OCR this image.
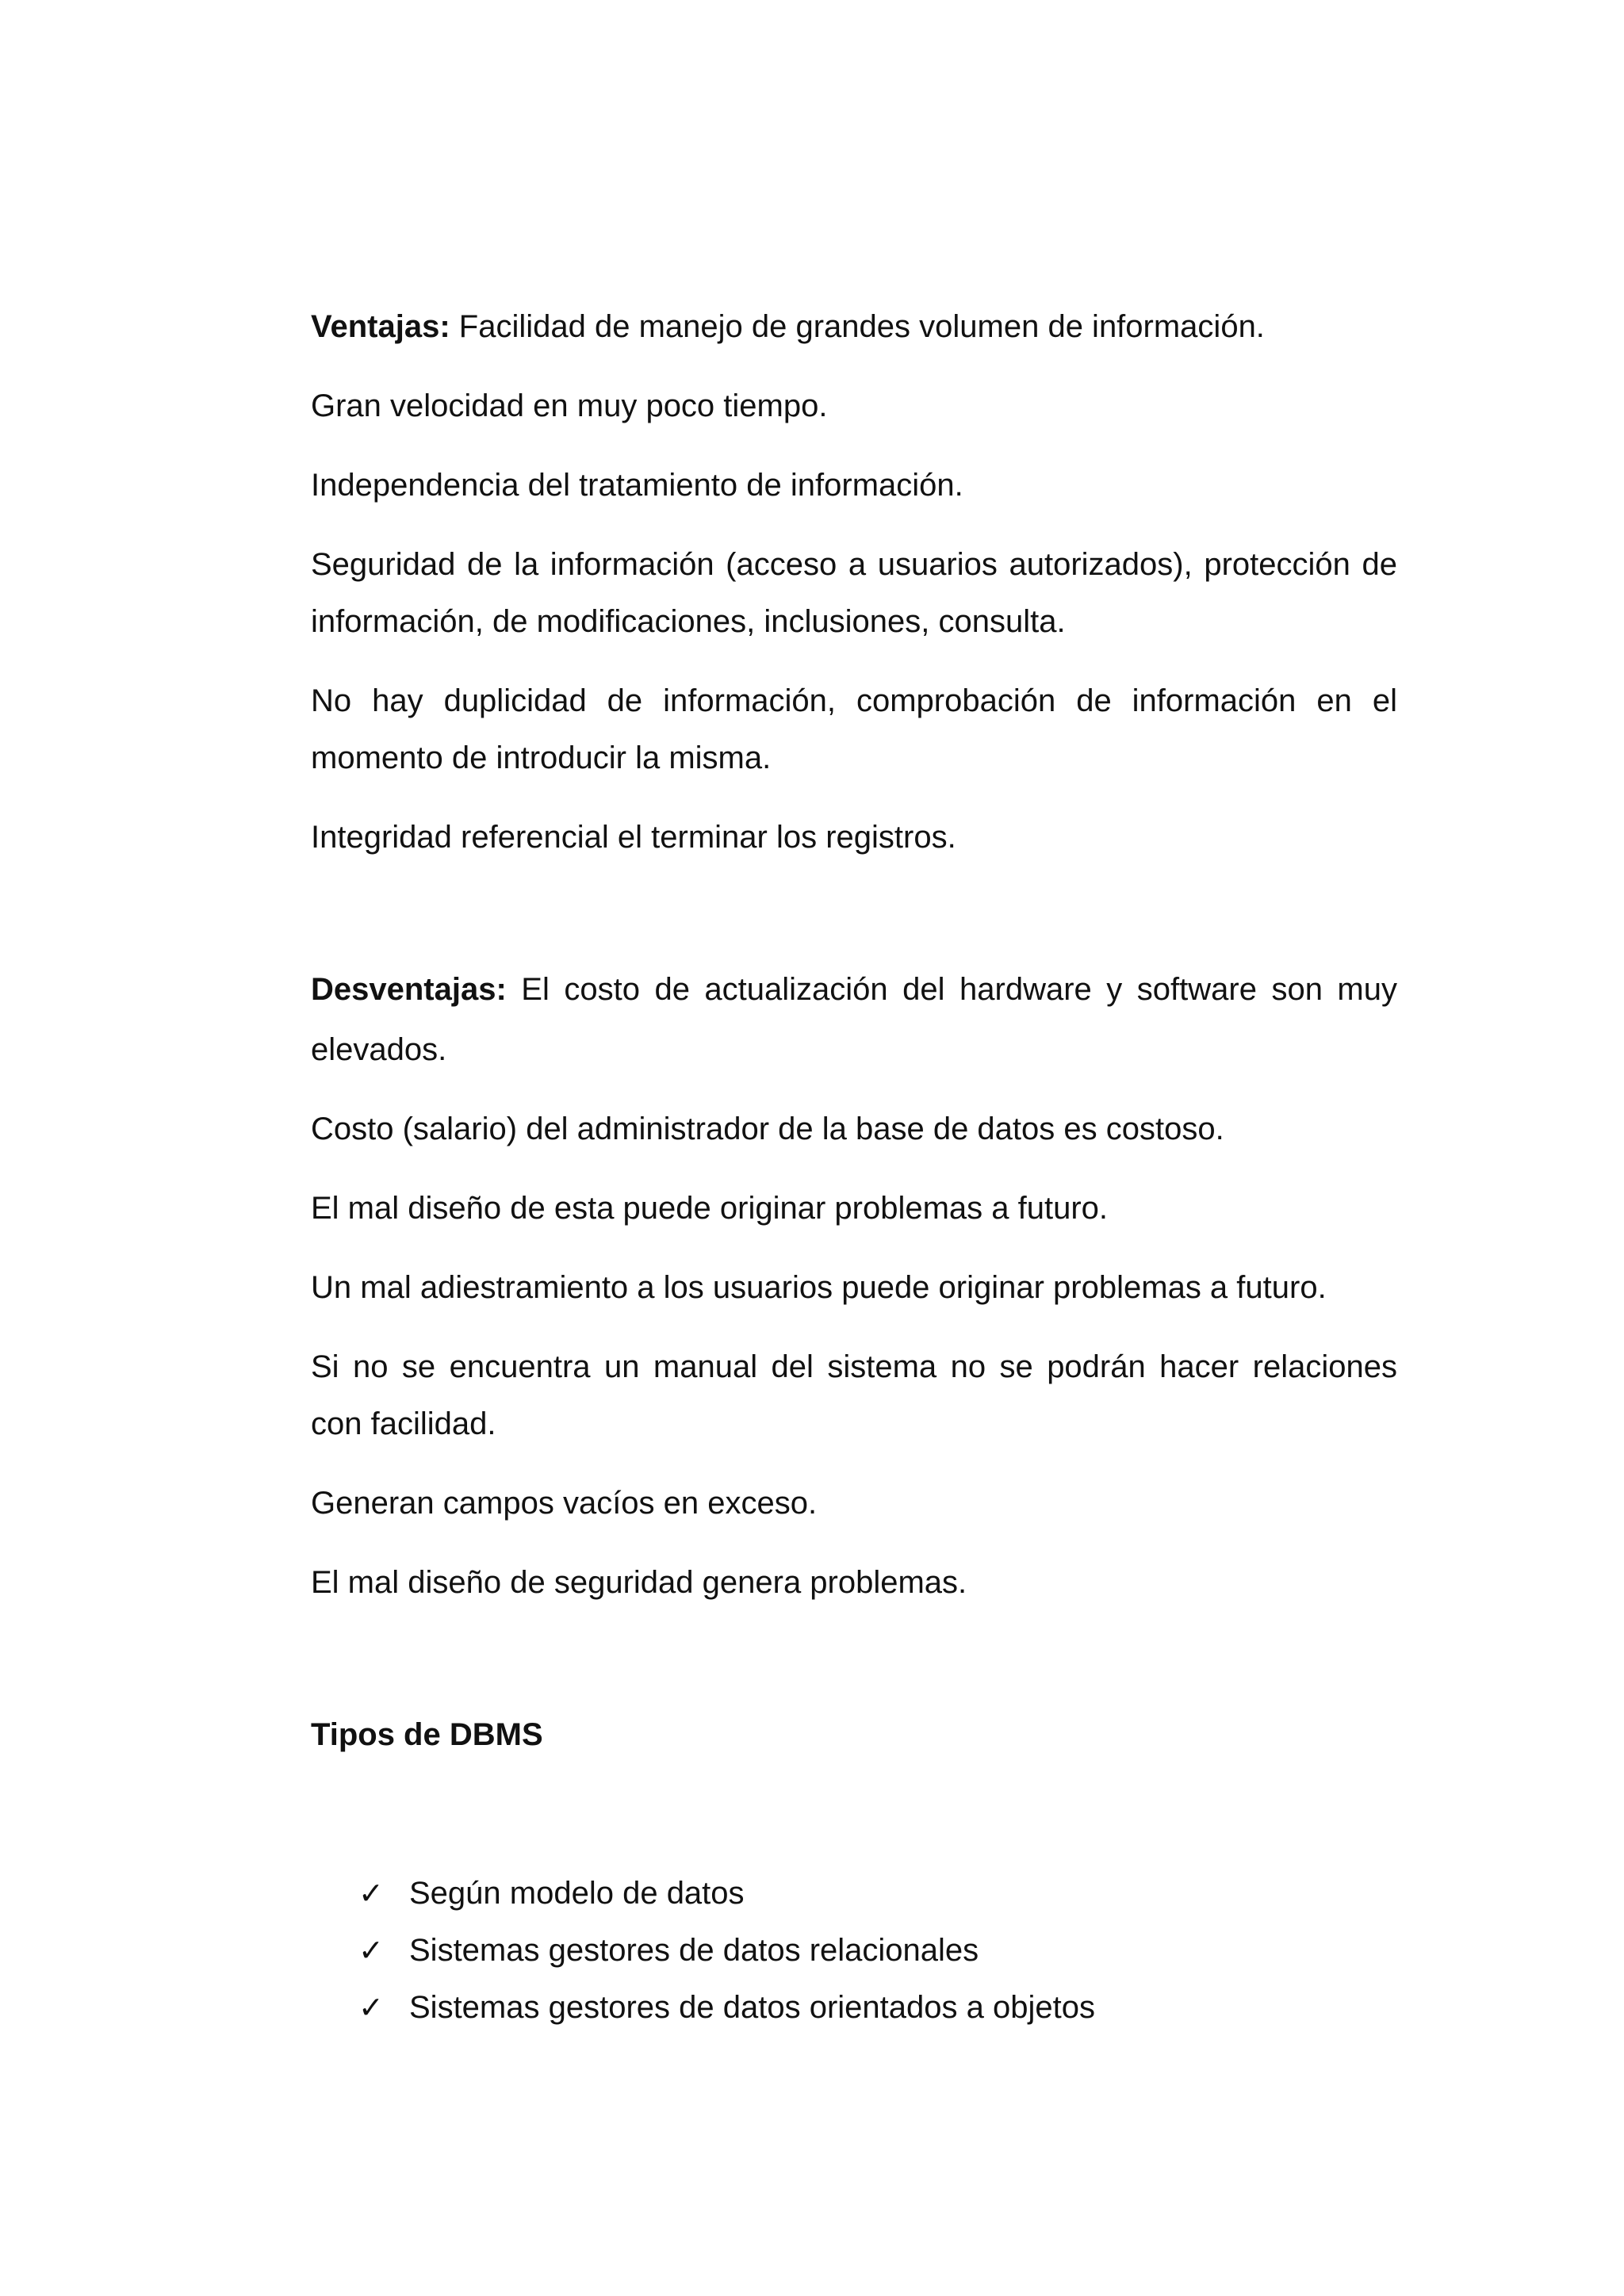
Ventajas: Facilidad de manejo de grandes volumen de información.

Gran velocidad en muy poco tiempo.

Independencia del tratamiento de información.

Seguridad de la información (acceso a usuarios autorizados), protección de

información, de modificaciones, inclusiones, consulta.

No hay duplicidad de información, comprobación de información en el

momento de introducir la misma.

Integridad referencial el terminar los registros.

Desventajas: El costo de actualización del hardware y software son muy

elevados.

Costo (salario) del administrador de la base de datos es costoso.

El mal diseño de esta puede originar problemas a futuro.

Un mal adiestramiento a los usuarios puede originar problemas a futuro.

Si no se encuentra un manual del sistema no se podrán hacer relaciones

con facilidad.

Generan campos vacíos en exceso.

El mal diseño de seguridad genera problemas.

Tipos de DBMS

✓ Según modelo de datos
✓ Sistemas gestores de datos relacionales
✓ Sistemas gestores de datos orientados a objetos
